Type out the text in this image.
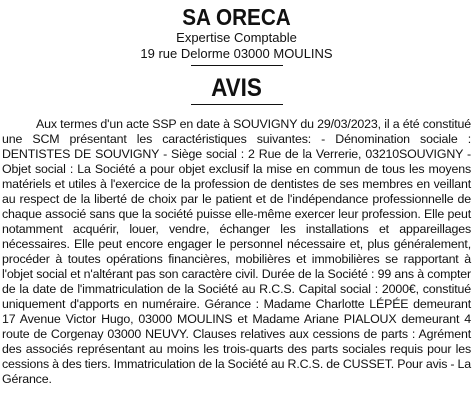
SA ORECA
Expertise Comptable
19 rue Delorme 03000 MOULINS
AVIS
Aux termes d'un acte SSP en date à SOUVIGNY du 29/03/2023, il a été constitué une SCM présentant les caractéristiques suivantes: - Dénomination sociale : DENTISTES DE SOUVIGNY - Siège social : 2 Rue de la Verrerie, 03210SOUVIGNY - Objet social : La Société a pour objet exclusif la mise en commun de tous les moyens matériels et utiles à l'exercice de la profession de dentistes de ses membres en veillant au respect de la liberté de choix par le patient et de l'indépendance professionnelle de chaque associé sans que la société puisse elle-même exercer leur profession. Elle peut notamment acquérir, louer, vendre, échanger les installations et appareillages nécessaires. Elle peut encore engager le personnel nécessaire et, plus généralement, procéder à toutes opérations financières, mobilières et immobilières se rapportant à l'objet social et n'altérant pas son caractère civil. Durée de la Société : 99 ans à compter de la date de l'immatriculation de la Société au R.C.S. Capital social : 2000€, constitué uniquement d'apports en numéraire. Gérance : Madame Charlotte LÉPÉE demeurant 17 Avenue Victor Hugo, 03000 MOULINS et Madame Ariane PIALOUX demeurant 4 route de Corgenay 03000 NEUVY. Clauses relatives aux cessions de parts : Agrément des associés représentant au moins les trois-quarts des parts sociales requis pour les cessions à des tiers. Immatriculation de la Société au R.C.S. de CUSSET. Pour avis - La Gérance.
